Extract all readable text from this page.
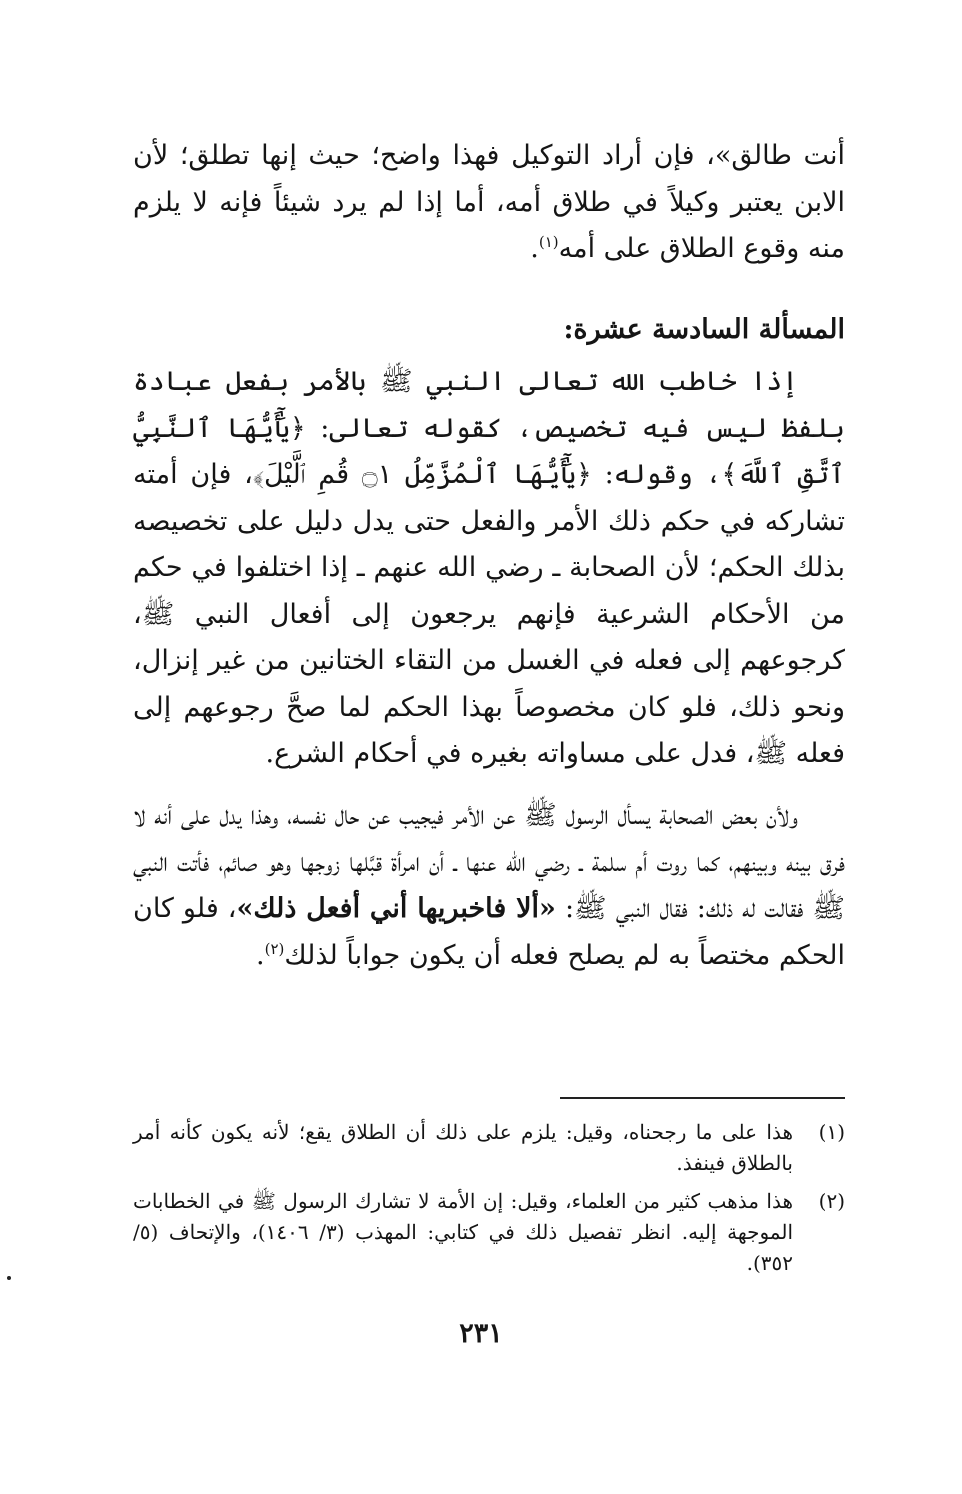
أنت طالق»، فإن أراد التوكيل فهذا واضح؛ حيث إنها تطلق؛ لأن الابن يعتبر وكيلاً في طلاق أمه، أما إذا لم يرد شيئاً فإنه لا يلزم منه وقوع الطلاق على أمه$^{(١)}$.

المسألة السادسة عشرة:

إذا خاطب الله تعالى النبي ﷺ بالأمر بفعل عبادة بلفظ ليس فيه تخصيص، كقوله تعالى: ﴿يَٰٓأَيُّهَا ٱلنَّبِيُّ ٱتَّقِ ٱللَّهَ﴾، وقوله: ﴿يَٰٓأَيُّهَا ٱلْمُزَّمِّلُ ۝١ قُمِ ٱلَّيْلَ﴾، فإن أمته تشاركه في حكم ذلك الأمر والفعل حتى يدل دليل على تخصيصه بذلك الحكم؛ لأن الصحابة ـ رضي الله عنهم ـ إذا اختلفوا في حكم من الأحكام الشرعية فإنهم يرجعون إلى أفعال النبي ﷺ، كرجوعهم إلى فعله في الغسل من التقاء الختانين من غير إنزال، ونحو ذلك، فلو كان مخصوصاً بهذا الحكم لما صحَّ رجوعهم إلى فعله ﷺ، فدل على مساواته بغيره في أحكام الشرع.

ولأن بعض الصحابة يسأل الرسول ﷺ عن الأمر فيجيب عن حال نفسه، وهذا يدل على أنه لا فرق بينه وبينهم، كما روت أم سلمة ـ رضي الله عنها ـ أن امرأة قبَّلها زوجها وهو صائم، فأتت النبي ﷺ فقالت له ذلك: فقال النبي ﷺ: «ألا فاخبريها أني أفعل ذلك»، فلو كان الحكم مختصاً به لم يصلح فعله أن يكون جواباً لذلك$^{(٢)}$.

(١)
هذا على ما رجحناه، وقيل: يلزم على ذلك أن الطلاق يقع؛ لأنه يكون كأنه أمر بالطلاق فينفذ.

(٢)
هذا مذهب كثير من العلماء، وقيل: إن الأمة لا تشارك الرسول ﷺ في الخطابات الموجهة إليه. انظر تفصيل ذلك في كتابي: المهذب (٣/ ١٤٠٦)، والإتحاف (٥/ ٣٥٢).

٢٣١
